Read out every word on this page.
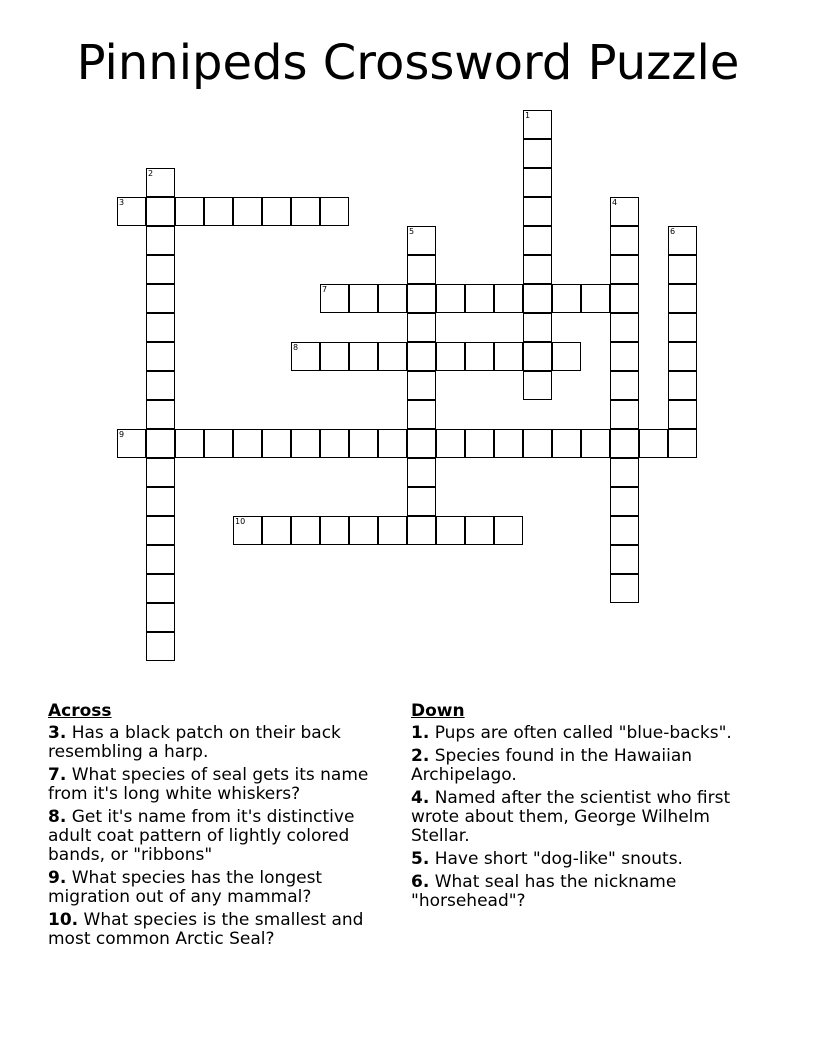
Pinnipeds Crossword Puzzle
1
2
3	4
5	6
7
8
9
10
Across
3. Has a black patch on their back resembling a harp.
7. What species of seal gets its name from it's long white whiskers?
8. Get it's name from it's distinctive adult coat pattern of lightly colored bands, or "ribbons"
9. What species has the longest migration out of any mammal?
10. What species is the smallest and most common Arctic Seal?
Down
1. Pups are often called "blue-backs".
2. Species found in the Hawaiian Archipelago.
4. Named after the scientist who first wrote about them, George Wilhelm Stellar.
5. Have short "dog-like" snouts.
6. What seal has the nickname "horsehead"?
